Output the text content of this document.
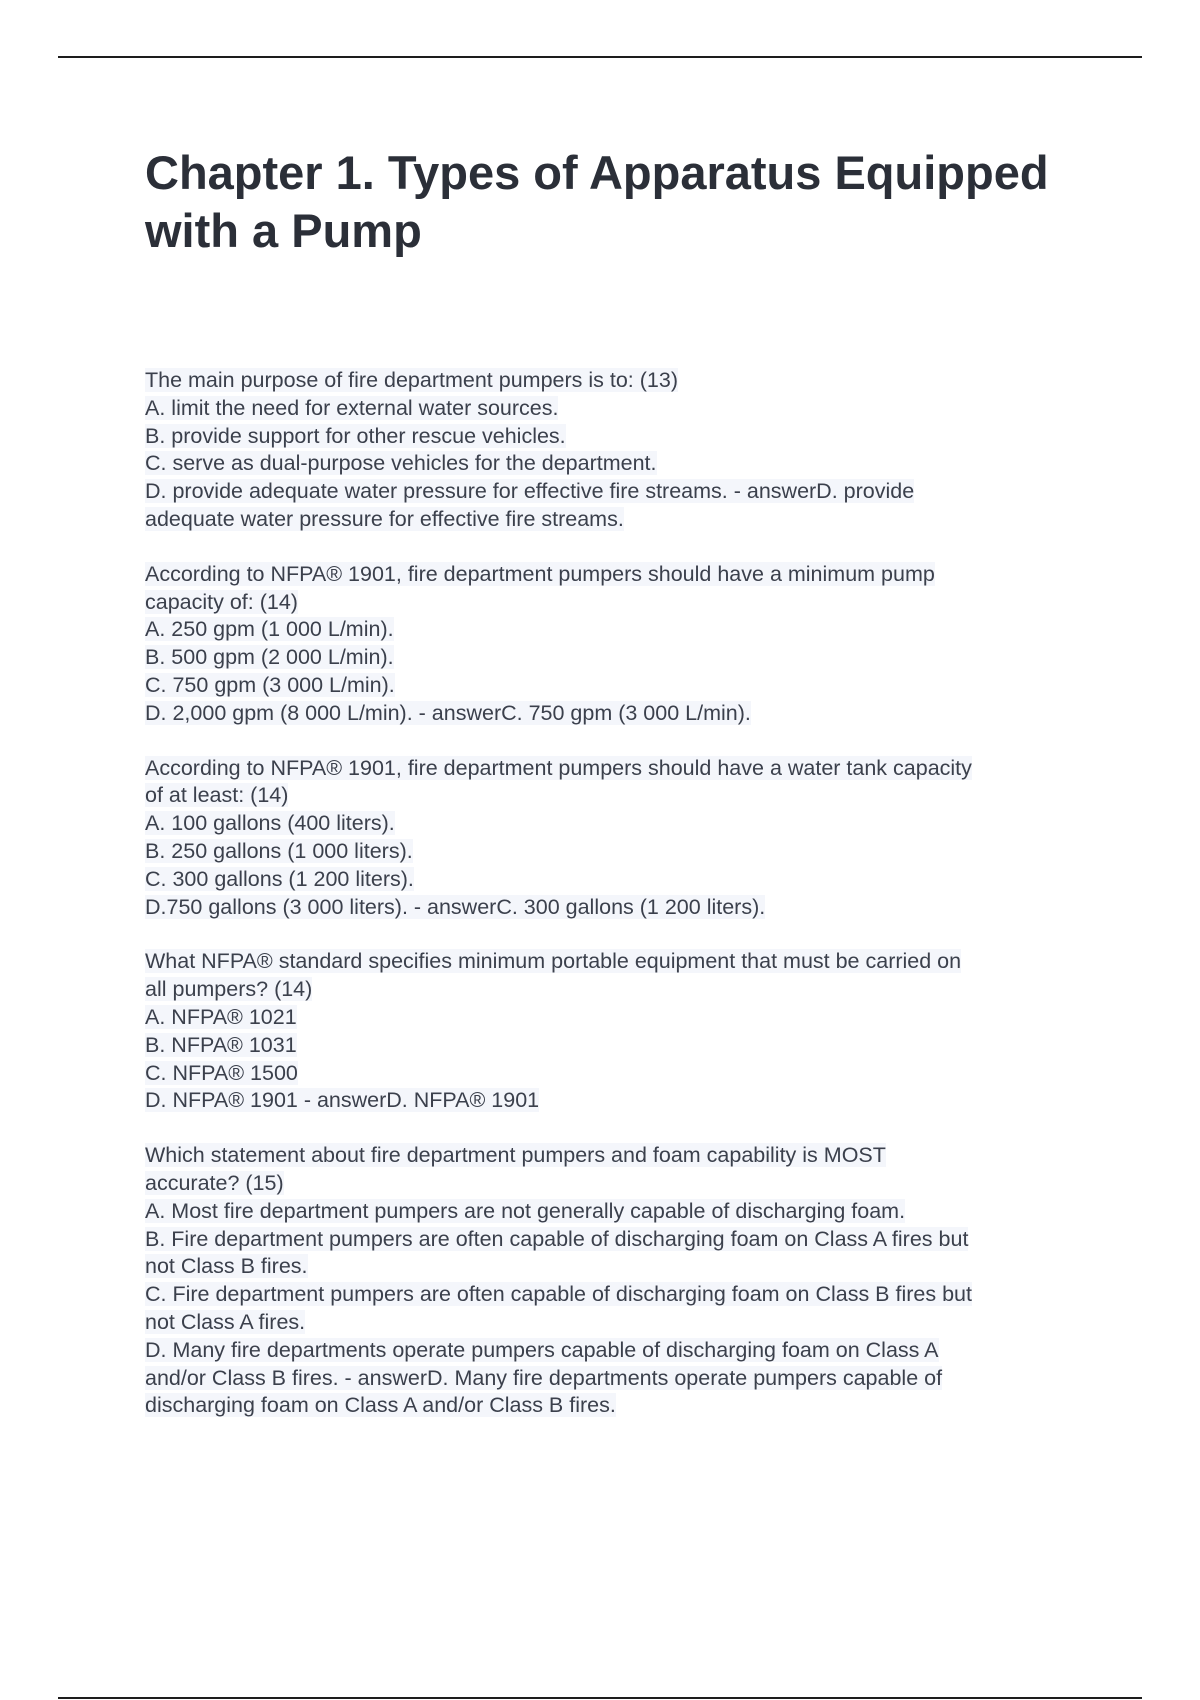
Chapter 1. Types of Apparatus Equipped
with a Pump
The main purpose of fire department pumpers is to: (13)
A. limit the need for external water sources.
B. provide support for other rescue vehicles.
C. serve as dual-purpose vehicles for the department.
D. provide adequate water pressure for effective fire streams. - answerD. provide
adequate water pressure for effective fire streams.
According to NFPA® 1901, fire department pumpers should have a minimum pump
capacity of: (14)
A. 250 gpm (1 000 L/min).
B. 500 gpm (2 000 L/min).
C. 750 gpm (3 000 L/min).
D. 2,000 gpm (8 000 L/min). - answerC. 750 gpm (3 000 L/min).
According to NFPA® 1901, fire department pumpers should have a water tank capacity
of at least: (14)
A. 100 gallons (400 liters).
B. 250 gallons (1 000 liters).
C. 300 gallons (1 200 liters).
D.750 gallons (3 000 liters). - answerC. 300 gallons (1 200 liters).
What NFPA® standard specifies minimum portable equipment that must be carried on
all pumpers? (14)
A. NFPA® 1021
B. NFPA® 1031
C. NFPA® 1500
D. NFPA® 1901 - answerD. NFPA® 1901
Which statement about fire department pumpers and foam capability is MOST
accurate? (15)
A. Most fire department pumpers are not generally capable of discharging foam.
B. Fire department pumpers are often capable of discharging foam on Class A fires but
not Class B fires.
C. Fire department pumpers are often capable of discharging foam on Class B fires but
not Class A fires.
D. Many fire departments operate pumpers capable of discharging foam on Class A
and/or Class B fires. - answerD. Many fire departments operate pumpers capable of
discharging foam on Class A and/or Class B fires.
